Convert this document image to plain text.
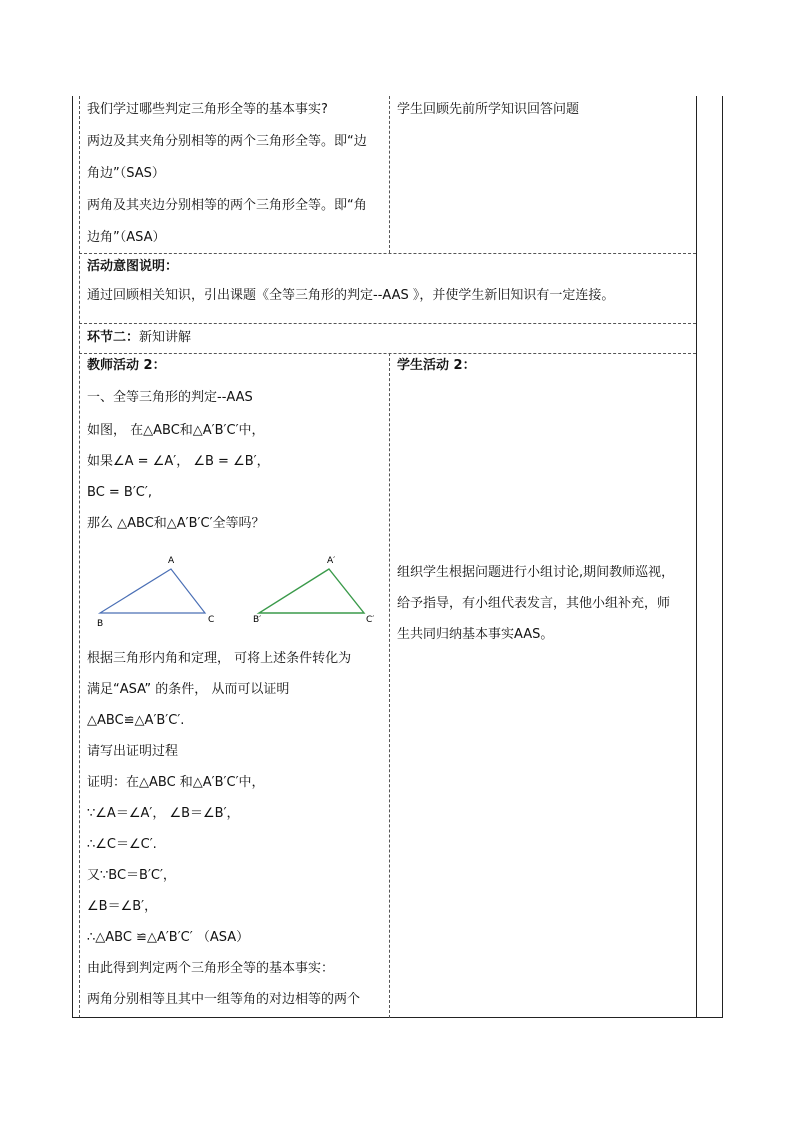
我们学过哪些判定三角形全等的基本事实?
两边及其夹角分别相等的两个三角形全等。即“边
角边”（SAS）
两角及其夹边分别相等的两个三角形全等。即“角
边角”（ASA）
学生回顾先前所学知识回答问题
活动意图说明：
通过回顾相关知识，引出课题《全等三角形的判定--AAS 》，并使学生新旧知识有一定连接。
环节二：新知讲解
教师活动 2：
一、全等三角形的判定--AAS
如图， 在△ABC和△A′B′C′中，
如果∠A = ∠A′， ∠B = ∠B′，
BC = B′C′,
那么 △ABC和△A′B′C′全等吗？
A
B	C
A′
B′	C′
根据三角形内角和定理， 可将上述条件转化为
满足“ASA” 的条件， 从而可以证明
△ABC≌△A′B′C′.
请写出证明过程
证明：在△ABC 和△A′B′C′中，
∵∠A＝∠A′， ∠B＝∠B′，
∴∠C＝∠C′.
又∵BC＝B′C′，
∠B＝∠B′，
∴△ABC ≌△A′B′C′ （ASA）
由此得到判定两个三角形全等的基本事实：
两角分别相等且其中一组等角的对边相等的两个
学生活动 2：
组织学生根据问题进行小组讨论,期间教师巡视，
给予指导，有小组代表发言，其他小组补充，师
生共同归纳基本事实AAS。
